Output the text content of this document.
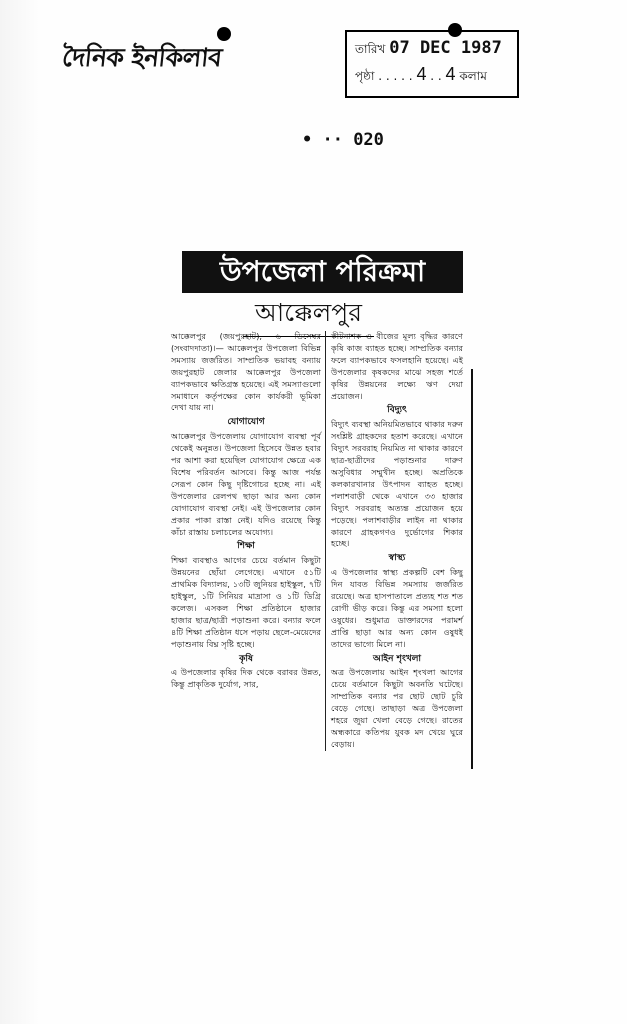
দৈনিক ইনকিলাব	তারিখ 07 DEC 1987
পৃষ্ঠা . . . . . 4 . . 4 কলাম
• ·· 020
উপজেলা পরিক্রমা
আক্কেলপুর

আক্কেলপুর (জয়পুরহাট), ৬ ডিসেম্বর (সংবাদদাতা)।— আক্কেলপুর উপজেলা বিভিন্ন সমস্যায় জর্জরিত। সাম্প্রতিক ভয়াবহ বন্যায় জয়পুরহাট জেলার আক্কেলপুর উপজেলা ব্যাপকভাবে ক্ষতিগ্রস্ত হয়েছে। এই সমস্যাগুলো সমাধানে কর্তৃপক্ষের কোন কার্যকরী ভূমিকা দেখা যায় না।

যোগাযোগ

আক্কেলপুর উপজেলায় যোগাযোগ ব্যবস্থা পূর্ব থেকেই অনুন্নত। উপজেলা হিসেবে উন্নত হবার পর আশা করা হয়েছিল যোগাযোগ ক্ষেত্রে এক বিশেষ পরিবর্তন আসবে। কিন্তু আজ পর্যন্ত সেরূপ কোন কিছু দৃষ্টিগোচর হচ্ছে না। এই উপজেলার রেলপথ ছাড়া আর অন্য কোন যোগাযোগ ব্যবস্থা নেই। এই উপজেলার কোন প্রকার পাকা রাস্তা নেই। যদিও রয়েছে কিন্তু কাঁচা রাস্তায় চলাচলের অযোগ্য।

শিক্ষা

শিক্ষা ব্যবস্থাও আগের চেয়ে বর্তমান কিছুটা উন্নয়নের ছোঁয়া লেগেছে। এখানে ৫১টি প্রাথমিক বিদ্যালয়, ১৩টি জুনিয়র হাইস্কুল, ৭টি হাইস্কুল, ১টি সিনিয়র মাদ্রাসা ও ১টি ডিগ্রি কলেজ। এসকল শিক্ষা প্রতিষ্ঠানে হাজার হাজার ছাত্র/ছাত্রী পড়াশুনা করে। বন্যার ফলে ৪টি শিক্ষা প্রতিষ্ঠান ধসে পড়ায় ছেলে-মেয়েদের পড়াশুনায় বিঘ্ন সৃষ্টি হচ্ছে।

কৃষি

এ উপজেলার কৃষির দিক থেকে বরাবর উন্নত, কিন্তু প্রাকৃতিক দুর্যোগ, সার,

কীটনাশক ও বীজের মূল্য বৃদ্ধির কারণে কৃষি কাজ ব্যাহত হচ্ছে। সাম্প্রতিক বন্যার ফলে ব্যাপকভাবে ফসলহানি হয়েছে। এই উপজেলার কৃষকদের মাঝে সহজ শর্তে কৃষির উন্নয়নের লক্ষ্যে ঋণ দেয়া প্রয়োজন।

বিদ্যুৎ

বিদ্যুৎ ব্যবস্থা অনিয়মিতভাবে থাকার দরুন সংশ্লিষ্ট গ্রাহকদের হতাশ করেছে। এখানে বিদ্যুৎ সরবরাহ নিয়মিত না থাকার কারণে ছাত্র-ছাত্রীদের পড়াশুনার দারুণ অসুবিধার সম্মুখীন হচ্ছে। অপ্রতিকে কলকারখানার উৎপাদন ব্যাহত হচ্ছে। পলাশবাড়ী থেকে এখানে ৩৩ হাজার বিদ্যুৎ সরবরাহ অত্যন্ত প্রয়োজন হয়ে পড়েছে। পলাশবাড়ীর লাইন না থাকার কারণে গ্রাহকগণও দুর্ভোগের শিকার হচ্ছে।

স্বাস্থ্য

এ উপজেলার স্বাস্থ্য প্রকল্পটি বেশ কিছু দিন যাবত বিভিন্ন সমস্যায় জর্জরিত রয়েছে। অত্র হাসপাতালে প্রত্যহ শত শত রোগী ভীড় করে। কিন্তু এর সমস্যা হলো ওষুধের। শুধুমাত্র ডাক্তারদের পরামর্শ প্রাপ্তি ছাড়া আর অন্য কোন ওষুধই তাদের ভাগ্যে মিলে না।

আইন শৃংখলা

অত্র উপজেলায় আইন শৃংখলা আগের চেয়ে বর্তমানে কিছুটা অবনতি ঘটেছে। সাম্প্রতিক বন্যার পর ছোট ছোট চুরি বেড়ে গেছে। তাছাড়া অত্র উপজেলা শহরে জুয়া খেলা বেড়ে গেছে। রাতের অন্ধকারে কতিপয় যুবক মদ খেয়ে ঘুরে বেড়ায়।
